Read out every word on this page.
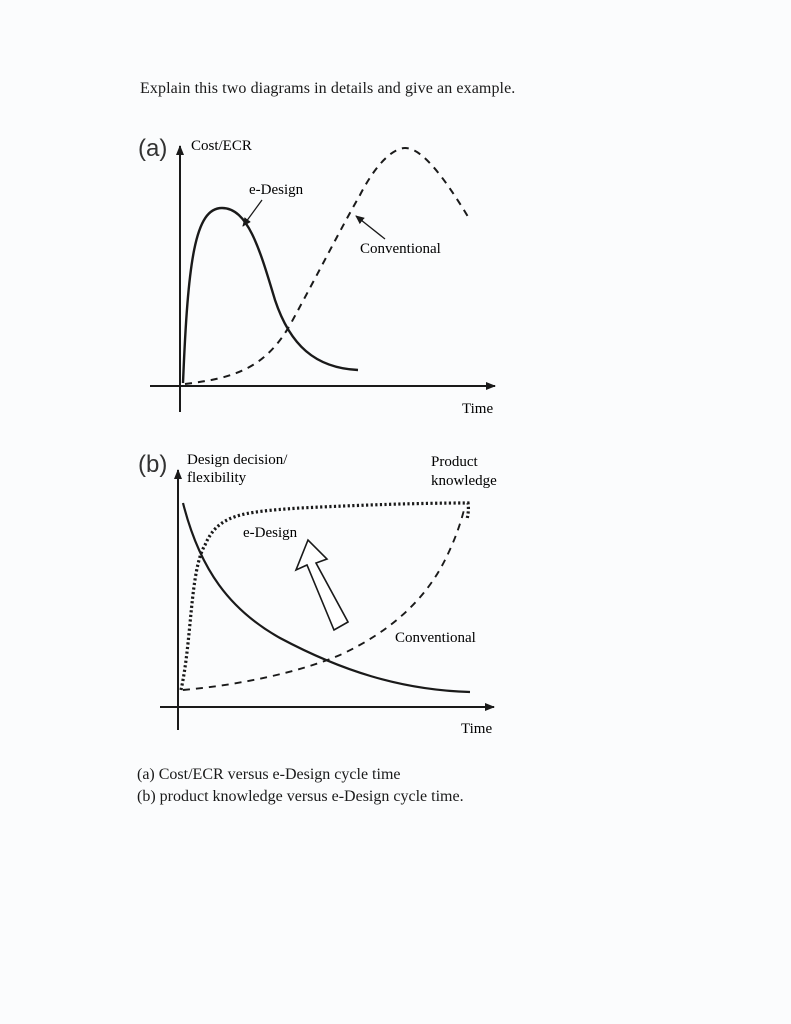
Explain this two diagrams in details and give an example.
(a) Cost/ECR
Time
e-Design
Conventional
(b) Design decision/
flexibility
Product
knowledge
Time
e-Design
Conventional
(a) Cost/ECR versus e-Design cycle time
(b) product knowledge versus e-Design cycle time.
